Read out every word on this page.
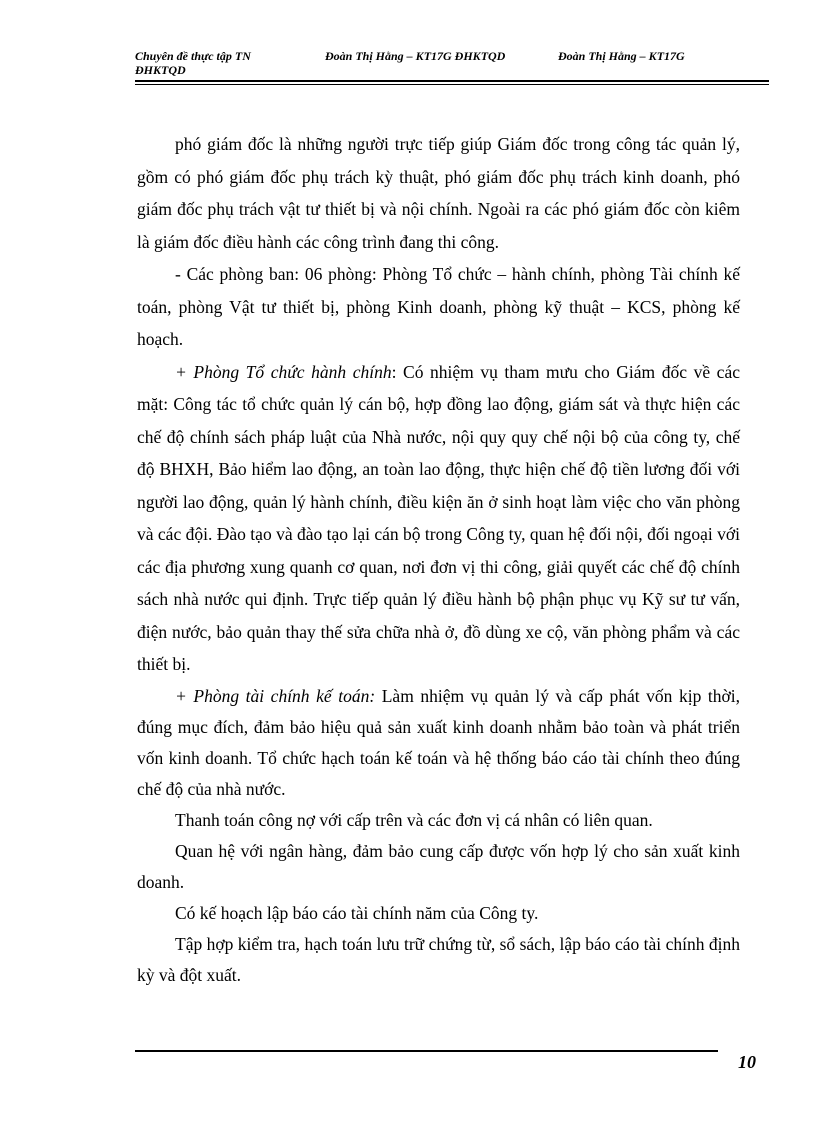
Chuyên đề thực tập TN	Đoàn Thị Hằng – KT17G ĐHKTQD	Đoàn Thị Hằng – KT17G
ĐHKTQD

phó giám đốc là những người trực tiếp giúp Giám đốc trong công tác quản lý, gồm có phó giám đốc phụ trách kỳ thuật, phó giám đốc phụ trách kinh doanh, phó giám đốc phụ trách vật tư thiết bị và nội chính. Ngoài ra các phó giám đốc còn kiêm là giám đốc điều hành các công trình đang thi công.

- Các phòng ban: 06 phòng: Phòng Tổ chức – hành chính, phòng Tài chính kế toán, phòng Vật tư thiết bị, phòng Kinh doanh, phòng kỹ thuật – KCS, phòng kế hoạch.

+ Phòng Tổ chức hành chính: Có nhiệm vụ tham mưu cho Giám đốc về các mặt: Công tác tổ chức quản lý cán bộ, hợp đồng lao động, giám sát và thực hiện các chế độ chính sách pháp luật của Nhà nước, nội quy quy chế nội bộ của công ty, chế độ BHXH, Bảo hiểm lao động, an toàn lao động, thực hiện chế độ tiền lương đối với người lao động, quản lý hành chính, điều kiện ăn ở sinh hoạt làm việc cho văn phòng và các đội. Đào tạo và đào tạo lại cán bộ trong Công ty, quan hệ đối nội, đối ngoại với các địa phương xung quanh cơ quan, nơi đơn vị thi công, giải quyết các chế độ chính sách nhà nước qui định. Trực tiếp quản lý điều hành bộ phận phục vụ Kỹ sư tư vấn, điện nước, bảo quản thay thế sửa chữa nhà ở, đồ dùng xe cộ, văn phòng phẩm và các thiết bị.

+ Phòng tài chính kế toán: Làm nhiệm vụ quản lý và cấp phát vốn kịp thời, đúng mục đích, đảm bảo hiệu quả sản xuất kinh doanh nhằm bảo toàn và phát triển vốn kinh doanh. Tổ chức hạch toán kế toán và hệ thống báo cáo tài chính theo đúng chế độ của nhà nước.

Thanh toán công nợ với cấp trên và các đơn vị cá nhân có liên quan.

Quan hệ với ngân hàng, đảm bảo cung cấp được vốn hợp lý cho sản xuất kinh doanh.

Có kế hoạch lập báo cáo tài chính năm của Công ty.

Tập hợp kiểm tra, hạch toán lưu trữ chứng từ, sổ sách, lập báo cáo tài chính định kỳ và đột xuất.

10
